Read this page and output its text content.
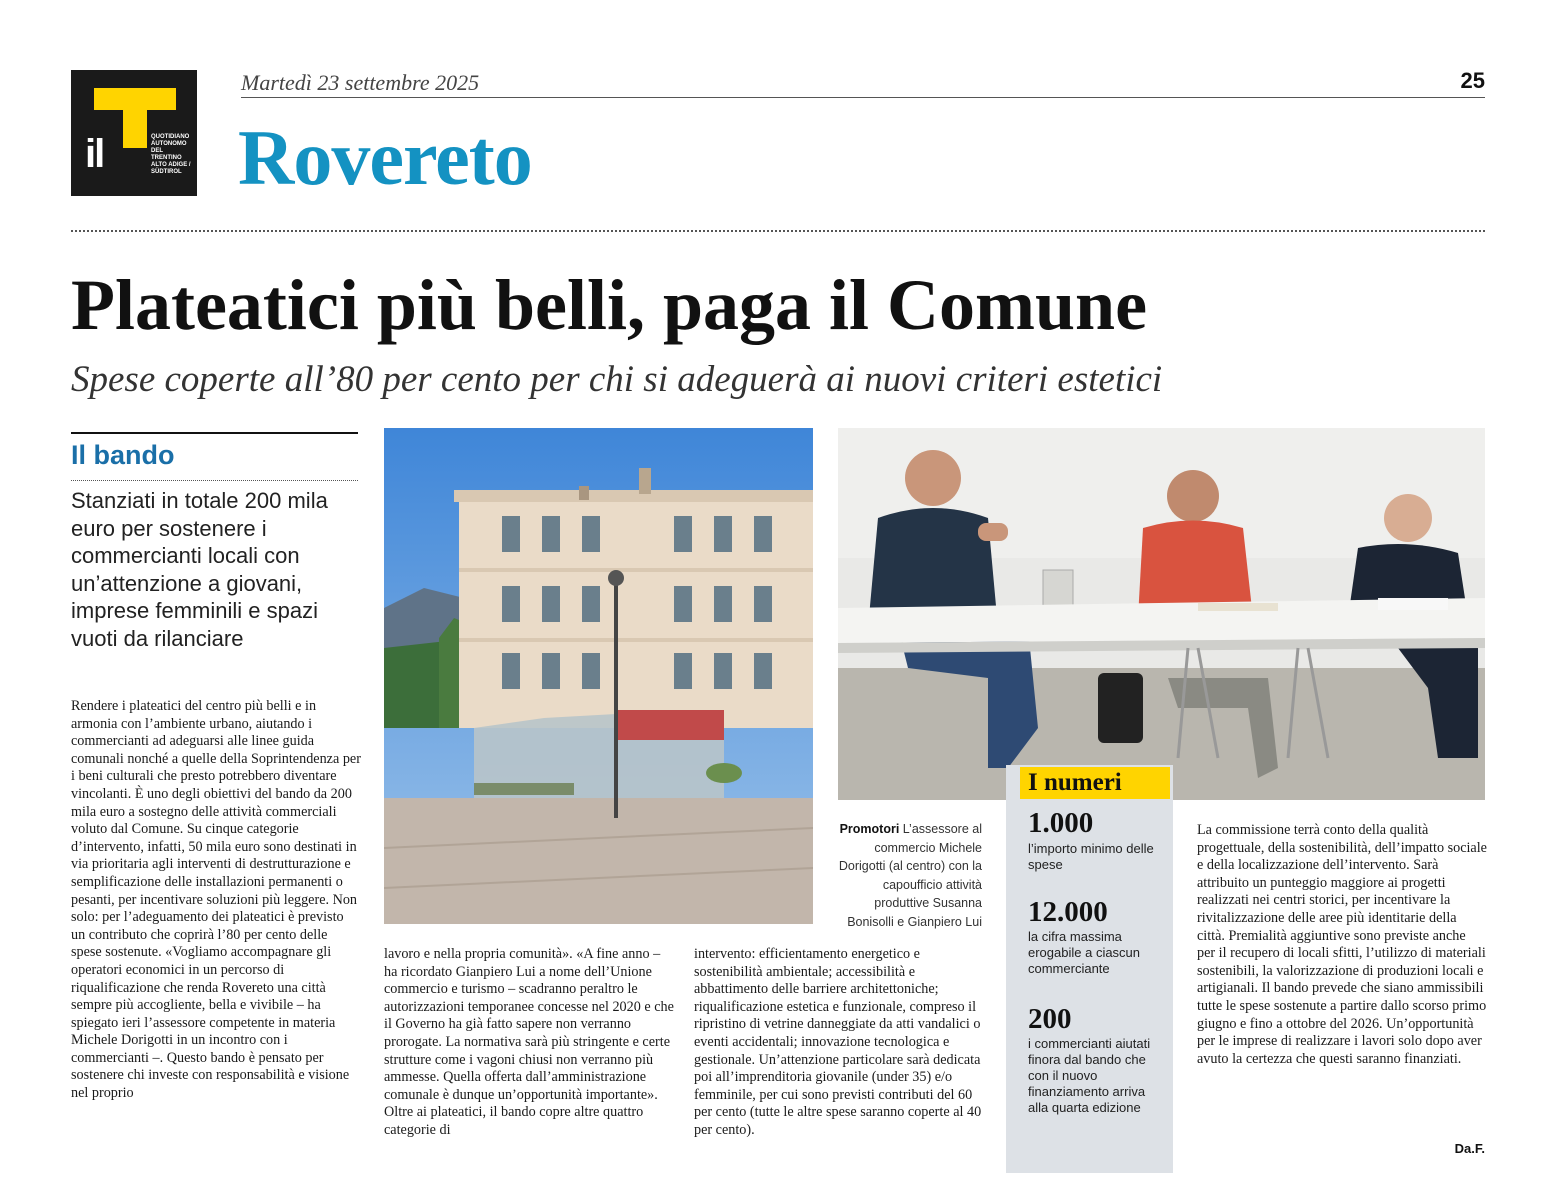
il	QUOTIDIANO AUTONOMO DEL TRENTINO ALTO ADIGE / SÜDTIROL
Martedì 23 settembre 2025	25
Rovereto
Plateatici più belli, paga il Comune
Spese coperte all’80 per cento per chi si adeguerà ai nuovi criteri estetici
Il bando
Stanziati in totale 200 mila euro per sostenere i commercianti locali con un’attenzione a giovani, imprese femminili e spazi vuoti da rilanciare
Rendere i plateatici del centro più belli e in armonia con l’ambiente urbano, aiutando i commercianti ad adeguarsi alle linee guida comunali nonché a quelle della Soprintendenza per i beni culturali che presto potrebbero diventare vincolanti. È uno degli obiettivi del bando da 200 mila euro a sostegno delle attività commerciali voluto dal Comune. Su cinque categorie d’intervento, infatti, 50 mila euro sono destinati in via prioritaria agli interventi di destrutturazione e semplificazione delle installazioni permanenti o pesanti, per incentivare soluzioni più leggere. Non solo: per l’adeguamento dei plateatici è previsto un contributo che coprirà l’80 per cento delle spese sostenute. «Vogliamo accompagnare gli operatori economici in un percorso di riqualificazione che renda Rovereto una città sempre più accogliente, bella e vivibile – ha spiegato ieri l’assessore competente in materia Michele Dorigotti in un incontro con i commercianti –. Questo bando è pensato per sostenere chi investe con responsabilità e visione nel proprio
lavoro e nella propria comunità». «A fine anno – ha ricordato Gianpiero Lui a nome dell’Unione commercio e turismo – scadranno peraltro le autorizzazioni temporanee concesse nel 2020 e che il Governo ha già fatto sapere non verranno prorogate. La normativa sarà più stringente e certe strutture come i vagoni chiusi non verranno più ammesse. Quella offerta dall’amministrazione comunale è dunque un’opportunità importante». Oltre ai plateatici, il bando copre altre quattro categorie di
intervento: efficientamento energetico e sostenibilità ambientale; accessibilità e abbattimento delle barriere architettoniche; riqualificazione estetica e funzionale, compreso il ripristino di vetrine danneggiate da atti vandalici o eventi accidentali; innovazione tecnologica e gestionale. Un’attenzione particolare sarà dedicata poi all’imprenditoria giovanile (under 35) e/o femminile, per cui sono previsti contributi del 60 per cento (tutte le altre spese saranno coperte al 40 per cento).
La commissione terrà conto della qualità progettuale, della sostenibilità, dell’impatto sociale e della localizzazione dell’intervento. Sarà attribuito un punteggio maggiore ai progetti realizzati nei centri storici, per incentivare la rivitalizzazione delle aree più identitarie della città. Premialità aggiuntive sono previste anche per il recupero di locali sfitti, l’utilizzo di materiali sostenibili, la valorizzazione di produzioni locali e artigianali. Il bando prevede che siano ammissibili tutte le spese sostenute a partire dallo scorso primo giugno e fino a ottobre del 2026. Un’opportunità per le imprese di realizzare i lavori solo dopo aver avuto la certezza che questi saranno finanziati.
Da.F.
Promotori L’assessore al commercio Michele Dorigotti (al centro) con la capoufficio attività produttive Susanna Bonisolli e Gianpiero Lui
I numeri
1.000
l’importo minimo delle spese
12.000
la cifra massima erogabile a ciascun commerciante
200
i commercianti aiutati finora dal bando che con il nuovo finanziamento arriva alla quarta edizione
